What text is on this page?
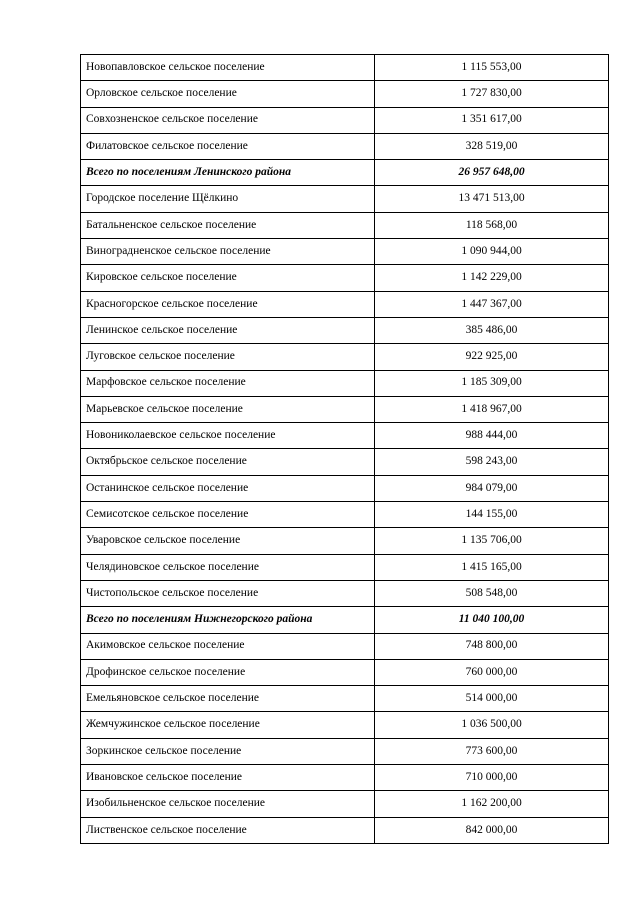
Новопавловское сельское поселение	1 115 553,00
Орловское сельское поселение	1 727 830,00
Совхозненское сельское поселение	1 351 617,00
Филатовское сельское поселение	328 519,00
Всего по поселениям Ленинского района	26 957 648,00
Городское поселение Щёлкино	13 471 513,00
Батальненское сельское поселение	118 568,00
Виноградненское сельское поселение	1 090 944,00
Кировское сельское поселение	1 142 229,00
Красногорское сельское поселение	1 447 367,00
Ленинское сельское поселение	385 486,00
Луговское сельское поселение	922 925,00
Марфовское сельское поселение	1 185 309,00
Марьевское сельское поселение	1 418 967,00
Новониколаевское сельское поселение	988 444,00
Октябрьское сельское поселение	598 243,00
Останинское сельское поселение	984 079,00
Семисотское сельское поселение	144 155,00
Уваровское сельское поселение	1 135 706,00
Челядиновское сельское поселение	1 415 165,00
Чистопольское сельское поселение	508 548,00
Всего по поселениям Нижнегорского района	11 040 100,00
Акимовское сельское поселение	748 800,00
Дрофинское сельское поселение	760 000,00
Емельяновское сельское поселение	514 000,00
Жемчужинское сельское поселение	1 036 500,00
Зоркинское сельское поселение	773 600,00
Ивановское сельское поселение	710 000,00
Изобильненское сельское поселение	1 162 200,00
Лиственское сельское поселение	842 000,00
